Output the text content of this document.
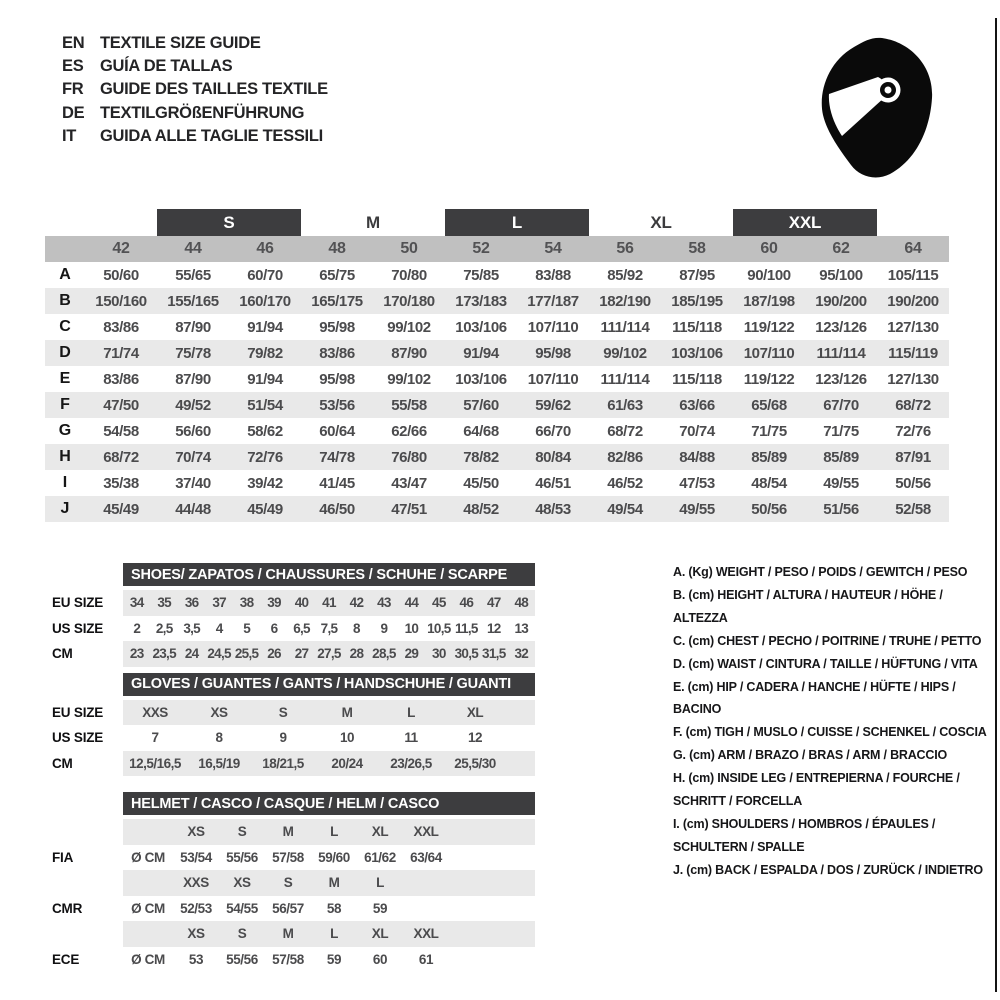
EN TEXTILE SIZE GUIDE
ES	GUÍA DE TALLAS
FR	GUIDE DES TAILLES TEXTILE
DE TEXTILGRÖßENFÜHRUNG
IT	GUIDA ALLE TAGLIE TESSILI
S	M	L	XL	XXL
42	44	46	48	50	52	54	56	58	60	62	64
A	50/60	55/65	60/70	65/75	70/80	75/85	83/88	85/92	87/95	90/100	95/100	105/115
B	150/160	155/165	160/170	165/175	170/180	173/183	177/187	182/190	185/195	187/198	190/200	190/200
C	83/86	87/90	91/94	95/98	99/102	103/106	107/110	111/114	115/118	119/122	123/126	127/130
D	71/74	75/78	79/82	83/86	87/90	91/94	95/98	99/102	103/106	107/110	111/114	115/119
E	83/86	87/90	91/94	95/98	99/102	103/106	107/110	111/114	115/118	119/122	123/126	127/130
F	47/50	49/52	51/54	53/56	55/58	57/60	59/62	61/63	63/66	65/68	67/70	68/72
G	54/58	56/60	58/62	60/64	62/66	64/68	66/70	68/72	70/74	71/75	71/75	72/76
H	68/72	70/74	72/76	74/78	76/80	78/82	80/84	82/86	84/88	85/89	85/89	87/91
I	35/38	37/40	39/42	41/45	43/47	45/50	46/51	46/52	47/53	48/54	49/55	50/56
J	45/49	44/48	45/49	46/50	47/51	48/52	48/53	49/54	49/55	50/56	51/56	52/58
SHOES/ ZAPATOS / CHAUSSURES / SCHUHE / SCARPE
EU SIZE	34	35	36	37	38	39	40	41	42	43	44	45	46	47	48
US SIZE	2	2,5 3,5	4	5	6	6,5 7,5	8	9	10 10,5 11,5 12	13
CM	23 23,5 24 24,5 25,5 26	27 27,5 28 28,5 29	30 30,5 31,5 32
GLOVES / GUANTES / GANTS / HANDSCHUHE / GUANTI
EU SIZE	XXS	XS	S	M	L	XL
US SIZE	7	8	9	10	11	12
CM	12,5/16,5	16,5/19	18/21,5	20/24	23/26,5	25,5/30
HELMET / CASCO / CASQUE / HELM / CASCO
XS	S	M	L	XL	XXL
FIA	Ø CM	53/54	55/56	57/58	59/60	61/62	63/64
XXS	XS	S	M	L
CMR	Ø CM	52/53	54/55	56/57	58	59
XS	S	M	L	XL	XXL
ECE	Ø CM	53	55/56	57/58	59	60	61
A. (Kg) WEIGHT / PESO / POIDS / GEWITCH / PESO
B. (cm) HEIGHT / ALTURA / HAUTEUR / HÖHE / ALTEZZA
C. (cm) CHEST / PECHO / POITRINE / TRUHE / PETTO
D. (cm) WAIST / CINTURA / TAILLE / HÜFTUNG / VITA
E. (cm) HIP / CADERA / HANCHE / HÜFTE / HIPS / BACINO
F. (cm) TIGH / MUSLO / CUISSE / SCHENKEL / COSCIA
G. (cm) ARM / BRAZO / BRAS / ARM / BRACCIO
H. (cm) INSIDE LEG / ENTREPIERNA / FOURCHE /
SCHRITT / FORCELLA
I. (cm) SHOULDERS / HOMBROS / ÉPAULES /
SCHULTERN / SPALLE
J. (cm) BACK / ESPALDA / DOS / ZURÜCK / INDIETRO
